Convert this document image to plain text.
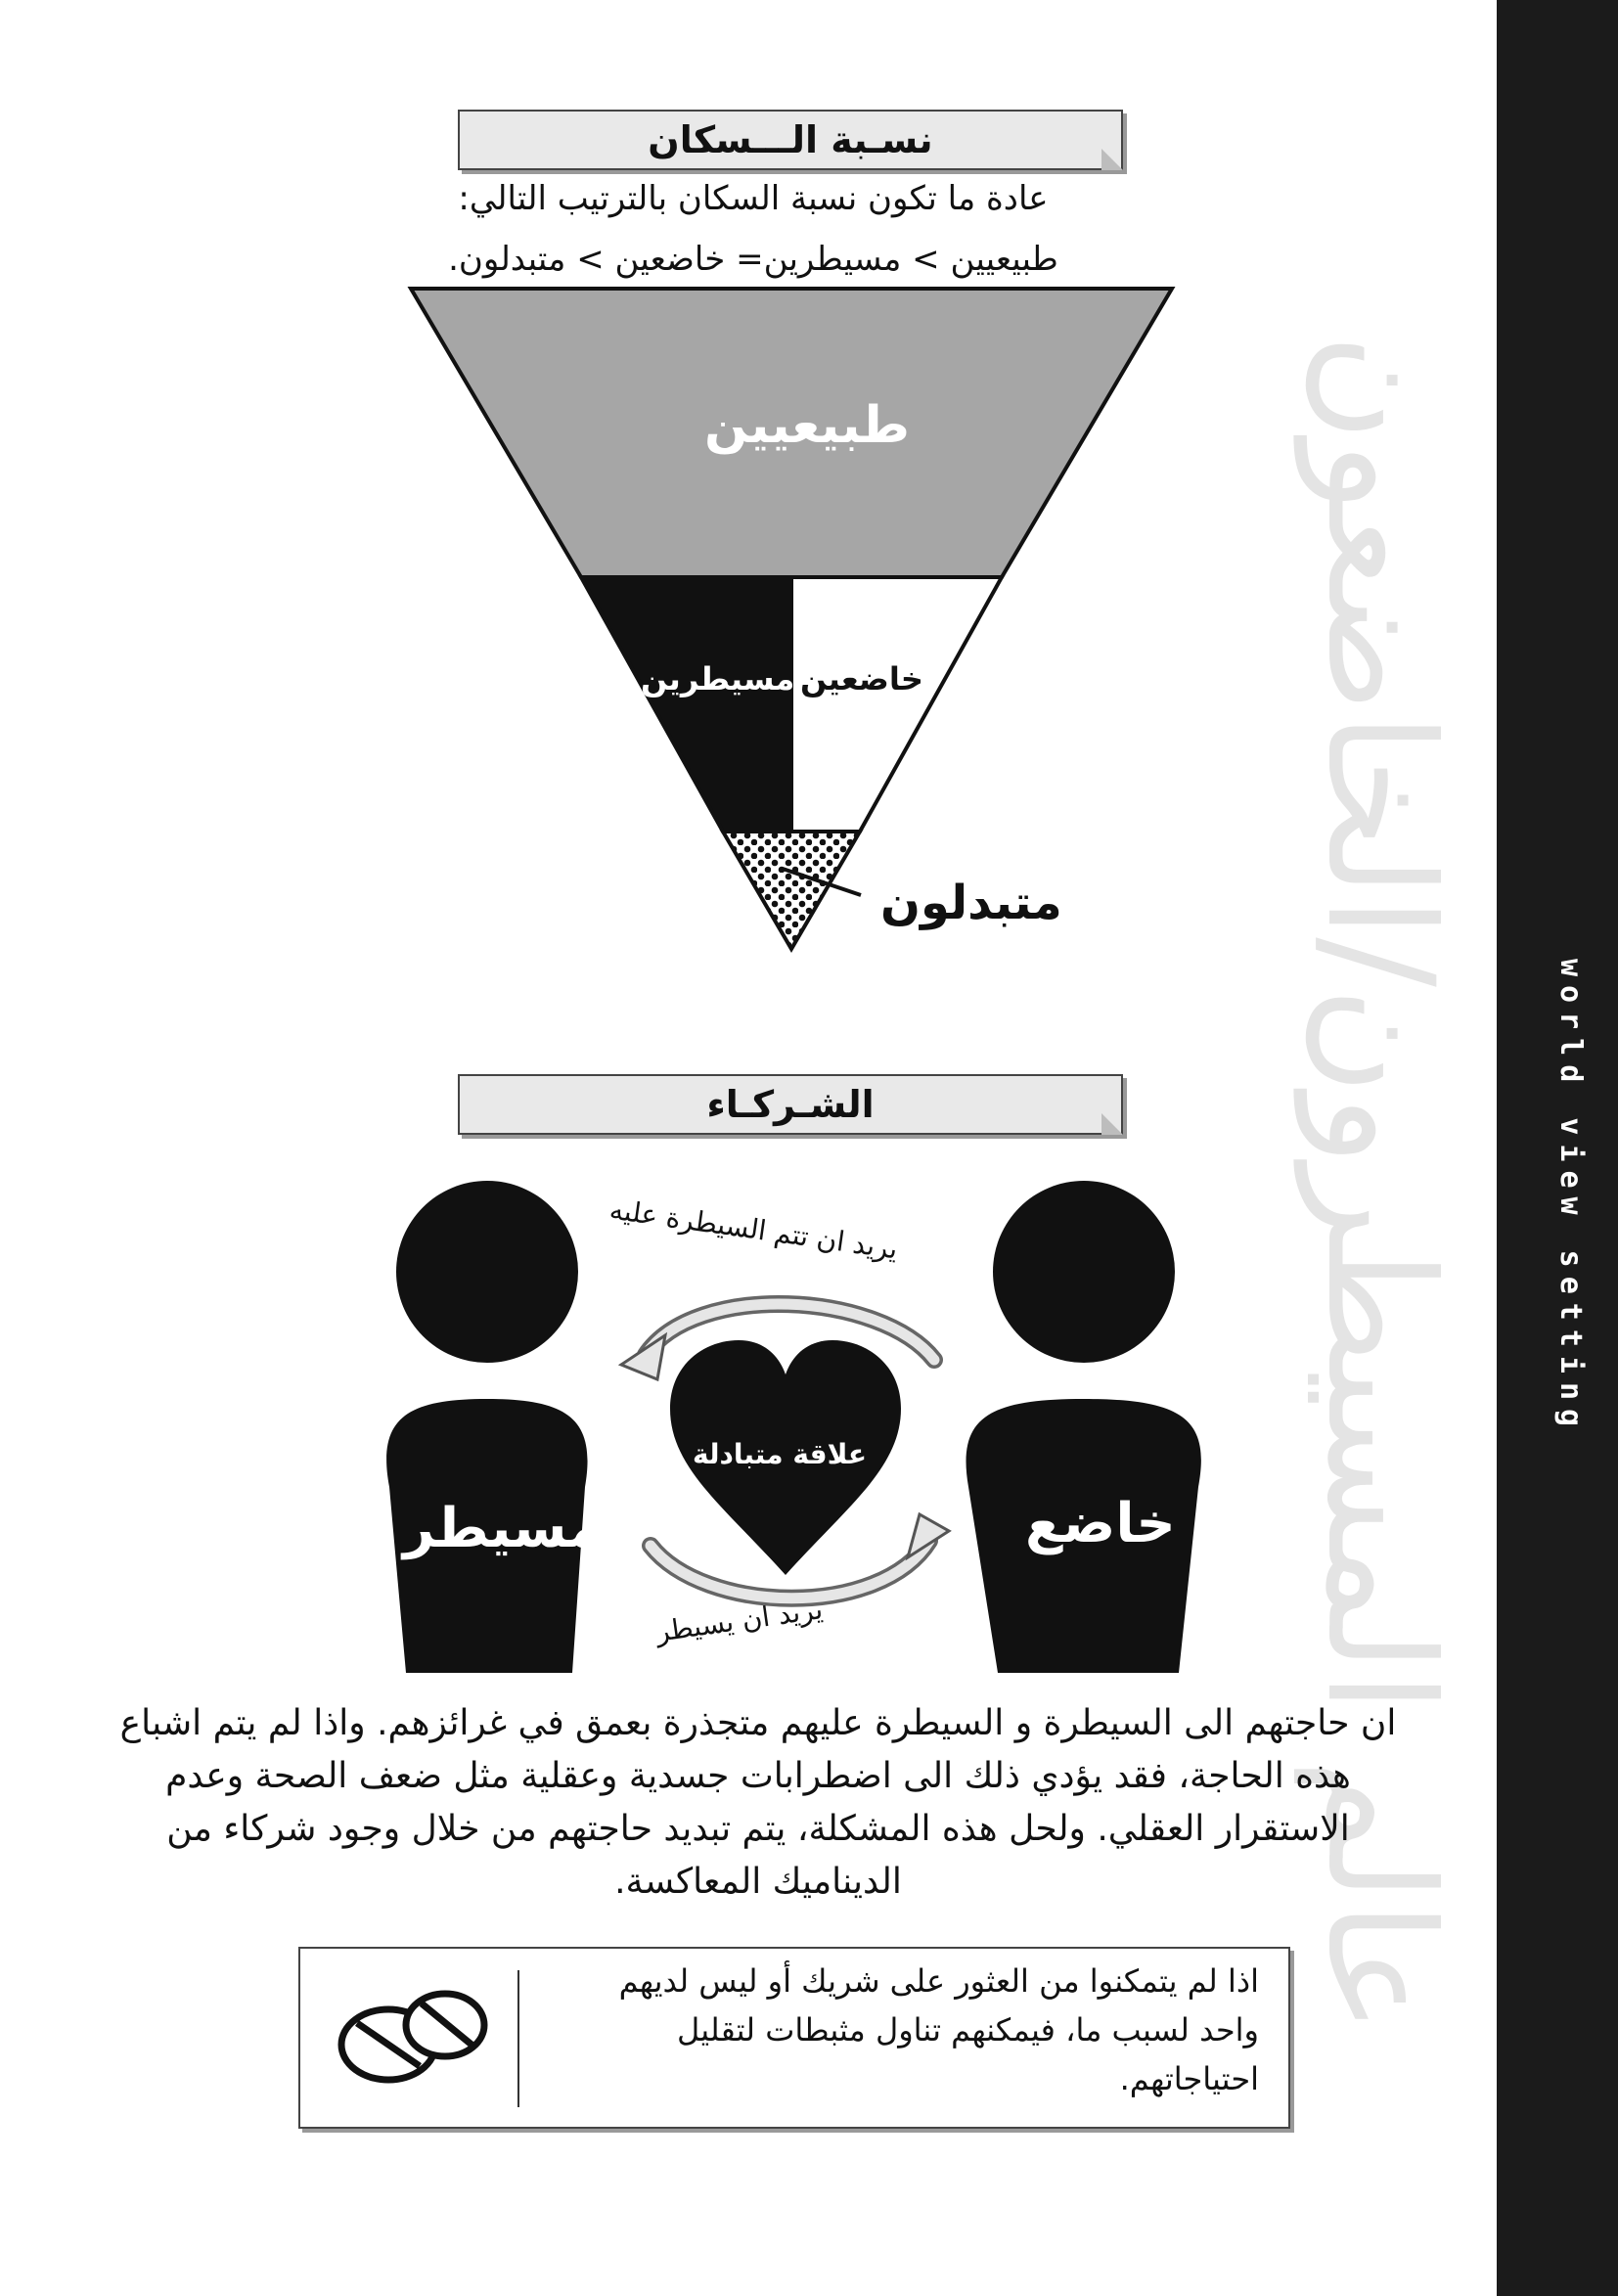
world view setting
عالم المسيطرون/الخاضعون
نسـبة الـــسكان
عادة ما تكون نسبة السكان بالترتيب التالي:
طبيعيين > مسيطرين= خاضعين > متبدلون.
طبيعيين
مسيطرين خاضعين
متبدلون
الشـركـاء
مسيطر	خاضع
علاقة متبادلة
يريد ان تتم السيطرة عليه
يريد ان يسيطر
ان حاجتهم الى السيطرة و السيطرة عليهم متجذرة بعمق في غرائزهم. واذا لم يتم اشباع هذه الحاجة، فقد يؤدي ذلك الى اضطرابات جسدية وعقلية مثل ضعف الصحة وعدم الاستقرار العقلي. ولحل هذه المشكلة، يتم تبديد حاجتهم من خلال وجود شركاء من الديناميك المعاكسة.
اذا لم يتمكنوا من العثور على شريك أو ليس لديهم واحد لسبب ما، فيمكنهم تناول مثبطات لتقليل احتياجاتهم.
